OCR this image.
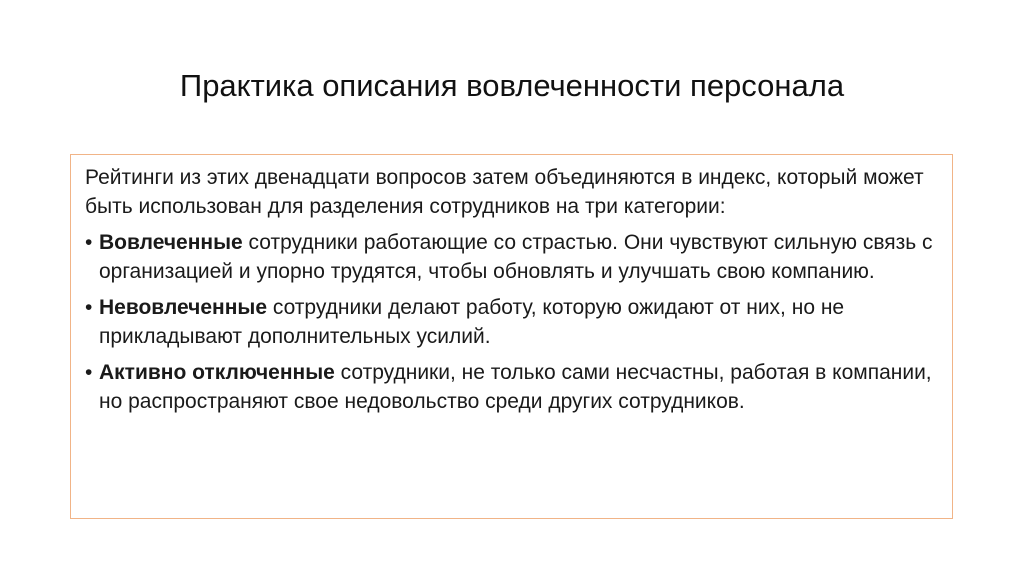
Практика описания вовлеченности персонала

Рейтинги из этих двенадцати вопросов затем объединяются в индекс, который может быть использован для разделения сотрудников на три категории:

• Вовлеченные сотрудники работающие со страстью. Они чувствуют сильную связь с организацией и упорно трудятся, чтобы обновлять и улучшать свою компанию.
• Невовлеченные сотрудники делают работу, которую ожидают от них, но не прикладывают дополнительных усилий.
• Активно отключенные сотрудники, не только сами несчастны, работая в компании, но распространяют свое недовольство среди других сотрудников.
